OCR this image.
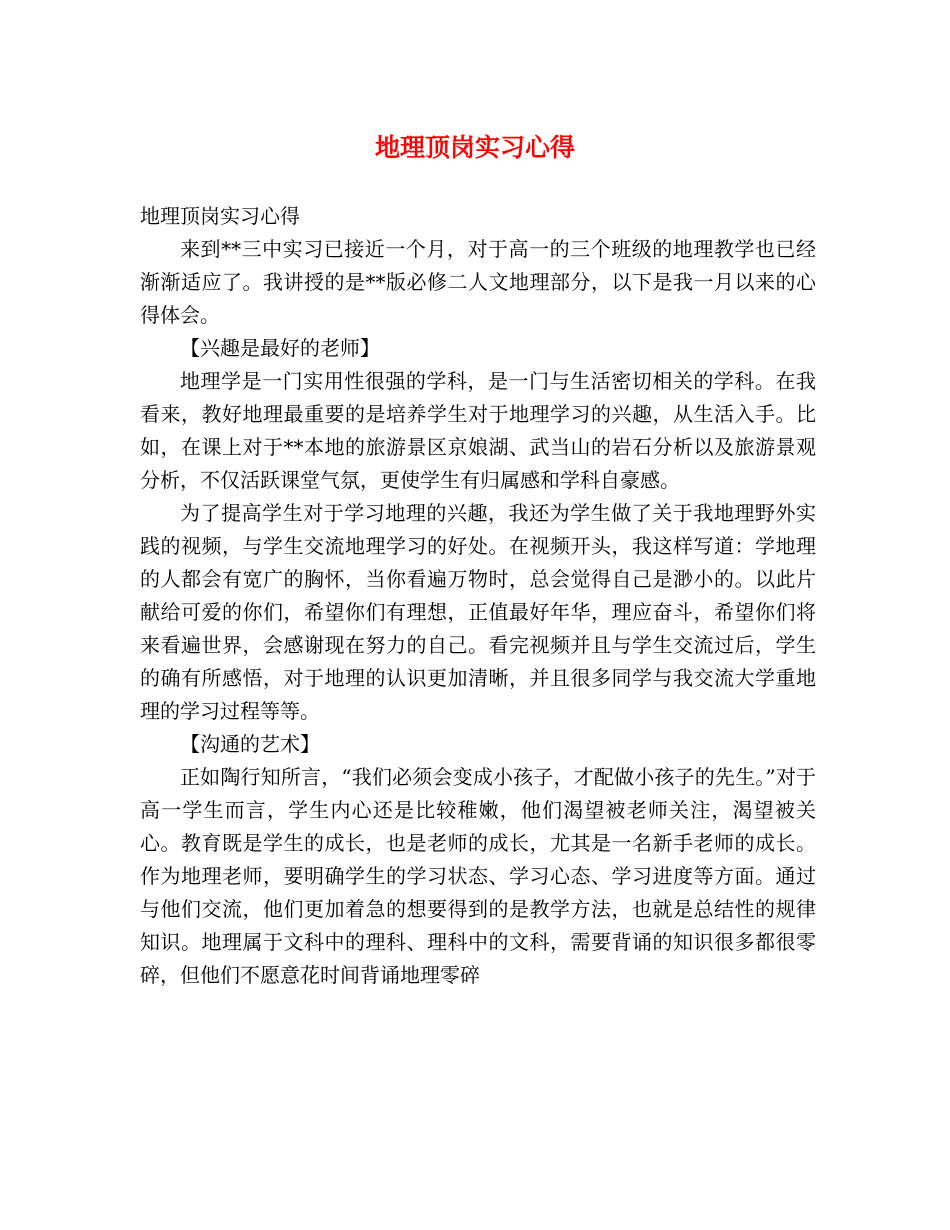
地理顶岗实习心得

地理顶岗实习心得

来到**三中实习已接近一个月，对于高一的三个班级的地理教学也已经渐渐适应了。我讲授的是**版必修二人文地理部分，以下是我一月以来的心得体会。

【兴趣是最好的老师】

地理学是一门实用性很强的学科，是一门与生活密切相关的学科。在我看来，教好地理最重要的是培养学生对于地理学习的兴趣，从生活入手。比如，在课上对于**本地的旅游景区京娘湖、武当山的岩石分析以及旅游景观分析，不仅活跃课堂气氛，更使学生有归属感和学科自豪感。

为了提高学生对于学习地理的兴趣，我还为学生做了关于我地理野外实践的视频，与学生交流地理学习的好处。在视频开头，我这样写道：学地理的人都会有宽广的胸怀，当你看遍万物时，总会觉得自己是渺小的。以此片献给可爱的你们，希望你们有理想，正值最好年华，理应奋斗，希望你们将来看遍世界，会感谢现在努力的自己。看完视频并且与学生交流过后，学生的确有所感悟，对于地理的认识更加清晰，并且很多同学与我交流大学重地理的学习过程等等。

【沟通的艺术】

正如陶行知所言，“我们必须会变成小孩子，才配做小孩子的先生。”对于高一学生而言，学生内心还是比较稚嫩，他们渴望被老师关注，渴望被关心。教育既是学生的成长，也是老师的成长，尤其是一名新手老师的成长。作为地理老师，要明确学生的学习状态、学习心态、学习进度等方面。通过与他们交流，他们更加着急的想要得到的是教学方法，也就是总结性的规律知识。地理属于文科中的理科、理科中的文科，需要背诵的知识很多都很零碎，但他们不愿意花时间背诵地理零碎
